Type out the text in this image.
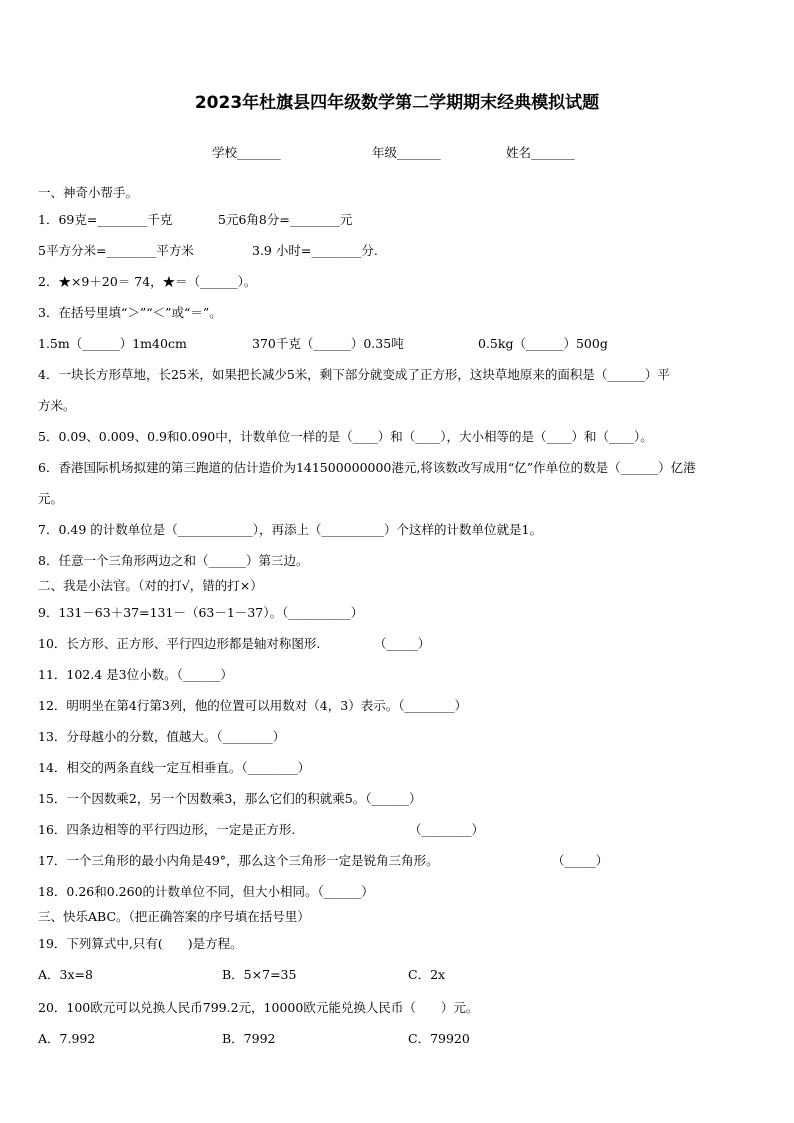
2023年杜旗县四年级数学第二学期期末经典模拟试题
学校_______	年级_______	姓名_______
一、神奇小帮手。
1．69克=________千克	5元6角8分=________元
5平方分米=________平方米	3.9 小时=________分.
2．★×9＋20＝ 74，★＝（______）。
3．在括号里填“＞”“＜”或“＝”。
1.5m（______）1m40cm	370千克（______）0.35吨	0.5kg（______）500g
4．一块长方形草地，长25米，如果把长减少5米，剩下部分就变成了正方形，这块草地原来的面积是（______）平
方米。
5．0.09、0.009、0.9和0.090中，计数单位一样的是（____）和（____），大小相等的是（____）和（____）。
6．香港国际机场拟建的第三跑道的估计造价为141500000000港元,将该数改写成用“亿”作单位的数是（______）亿港
元。
7．0.49 的计数单位是（____________），再添上（__________）个这样的计数单位就是1。
8．任意一个三角形两边之和（______）第三边。
二、我是小法官。（对的打√，错的打×）
9．131－63＋37=131－（63－1－37）。（__________）
10．长方形、正方形、平行四边形都是轴对称图形.	（_____）
11．102.4 是3位小数。（______）
12．明明坐在第4行第3列，他的位置可以用数对（4，3）表示。（________）
13．分母越小的分数，值越大。（________）
14．相交的两条直线一定互相垂直。（________）
15．一个因数乘2，另一个因数乘3，那么它们的积就乘5。（______）
16．四条边相等的平行四边形，一定是正方形.	（________）
17．一个三角形的最小内角是49°，那么这个三角形一定是锐角三角形。	（_____）
18．0.26和0.260的计数单位不同，但大小相同。（______）
三、快乐ABC。（把正确答案的序号填在括号里）
19．下列算式中,只有(　　)是方程。
A．3x=8	B．5×7=35	C．2x
20．100欧元可以兑换人民币799.2元，10000欧元能兑换人民币（　　）元。
A．7.992	B．7992	C．79920
